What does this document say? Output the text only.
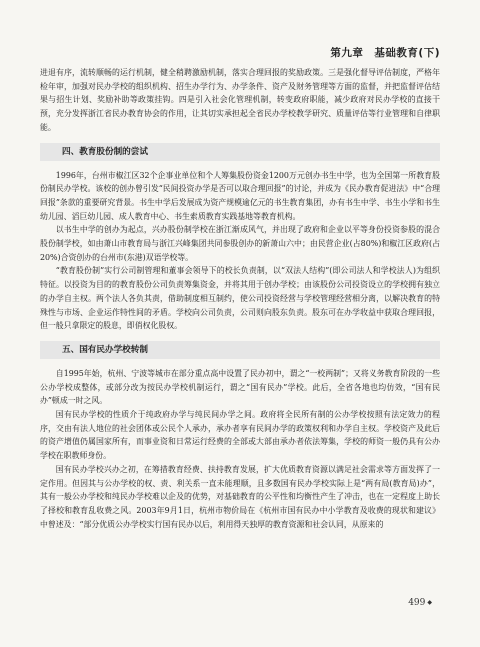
第九章　基础教育(下)

进退有序，流转顺畅的运行机制，健全稍聘激励机制，落实合理回报的奖励政策。三是强化督导评估制度，严格年检年审，加强对民办学校的组织机构、招生办学行为、办学条件、资产及财务管理等方面的监督，并把监督评估结果与招生计划、奖励补助等政策挂钩。四是引入社会化管理机制，转变政府职能，减少政府对民办学校的直接干预，充分发挥浙江省民办教育协会的作用，让其切实承担起全省民办学校教学研究、质量评估等行业管理和自律职能。

四、教育股份制的尝试

1996年，台州市椒江区32个企事业单位和个人筹集股份资金1200万元创办书生中学，也为全国第一所教育股份制民办学校。该校的创办曾引发“民间投资办学是否可以取合理回报”的讨论，并成为《民办教育促进法》中“合理回报”条款的重要研究背景。书生中学后发展成为资产规模逾亿元的书生教育集团，办有书生中学、书生小学和书生幼儿园、滔巨幼儿园、成人教育中心、书生索质教育实践基地等教育机构。

以书生中学的创办为起点，兴办股份制学校在浙江渐成风气，并出现了政府和企业以平等身份投资参股的混合股份制学校，如由萧山市教育局与浙江兴峰集团共同参股创办的新萧山六中；由民营企业(占80%)和椒江区政府(占20%)合资创办的台州市(东港)双语学校等。

“教育股份制”实行公司制管理和董事会领导下的校长负责制，以“双法人结构”(即公司法人和学校法人)为组织特征。以投资为目的的教育股份公司负责筹集资金，并将其用于创办学校；由该股份公司投资设立的学校拥有独立的办学自主权。两个法人各负其责，借助制度相互制约，使公司投资经营与学校管理经营相分离，以解决教育的特殊性与市场、企业运作特性间的矛盾。学校向公司负责，公司则向股东负责。股东可在办学收益中获取合理回报，但一般只拿限定的股息，即俏权化股权。

五、国有民办学校转制

自1995年始，杭州、宁波等城市在部分重点高中设置了民办初中，谓之“一校两制”；又将义务教育阶段的一些公办学校成整体，或部分改为按民办学校机制运行，谓之“国有民办”学校。此后，全省各地也均仿效，“国有民办”顿成一时之风。

国有民办学校的性质介于纯政府办学与纯民间办学之间。政府将全民所有制的公办学校按照有法定效力的程序，交由有法人地位的社会团体或公民个人承办，承办者享有民间办学的政策权利和办学自主权。学校资产及此后的资产增值仍属国家所有，而事业资和日常运行经费的全部或大部由承办者依法筹集，学校的师资一般仍具有公办学校在职教师身份。

国有民办学校兴办之初，在筹措教育经费、扶持教育发展，扩大优质教育资源以满足社会需求等方面发挥了一定作用。但因其与公办学校的权、责、利关系一直未能理顺，且多数国有民办学校实际上是“两有局(教育局)办”，其有一般公办学校和纯民办学校难以企及的优势，对基础教育的公平性和均衡性产生了冲击，也在一定程度上助长了择校和教育乱收费之风。2003年9月1日，杭州市物价局在《杭州市国有民办中小学教育及收费的现状和建议》中曾述及：“部分优质公办学校实行国有民办以后，利用得天独厚的教育资源和社会认同，从原来的

499 ◆
